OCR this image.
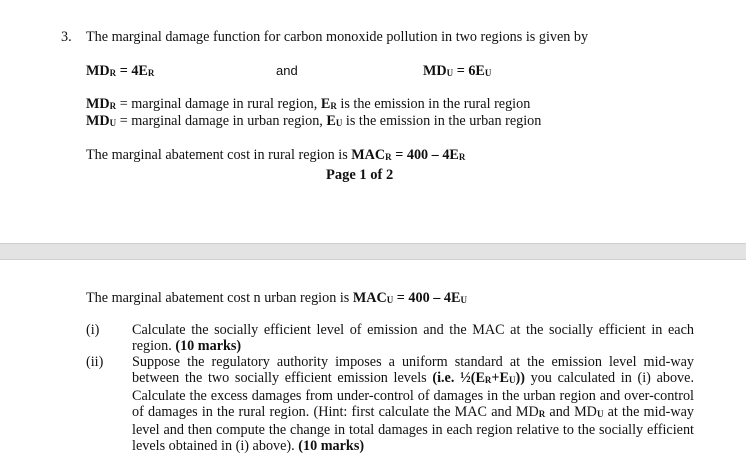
3. The marginal damage function for carbon monoxide pollution in two regions is given by
MDR = 4ER	and	MDU = 6EU
MDR = marginal damage in rural region, ER is the emission in the rural region
MDU = marginal damage in urban region, EU is the emission in the urban region
The marginal abatement cost in rural region is MACR = 400 – 4ER
Page 1 of 2
The marginal abatement cost n urban region is MACU = 400 – 4EU
(i) Calculate the socially efficient level of emission and the MAC at the socially efficient in each region. (10 marks)
(ii) Suppose the regulatory authority imposes a uniform standard at the emission level mid-way between the two socially efficient emission levels (i.e. ½(ER+EU)) you calculated in (i) above. Calculate the excess damages from under-control of damages in the urban region and over-control of damages in the rural region. (Hint: first calculate the MAC and MDR and MDU at the mid-way level and then compute the change in total damages in each region relative to the socially efficient levels obtained in (i) above). (10 marks)
